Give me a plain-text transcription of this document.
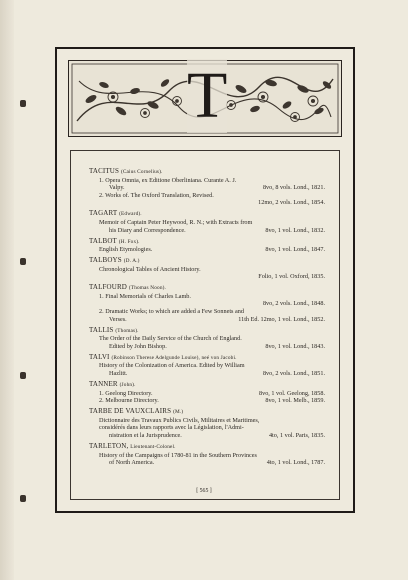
T
TACITUS (Caius Cornelius).
1. Opera Omnia, ex Editione Oberliniana. Curante A. J.
Valpy.	8vo, 8 vols. Lond., 1821.
2. Works of. The Oxford Translation, Revised.
12mo, 2 vols. Lond., 1854.
TAGART (Edward).
Memoir of Captain Peter Heywood, R. N.; with Extracts from
his Diary and Correspondence.	8vo, 1 vol. Lond., 1832.
TALBOT (H. Fox).
English Etymologies.	8vo, 1 vol. Lond., 1847.
TALBOYS (D. A.)
Chronological Tables of Ancient History.
Folio, 1 vol. Oxford, 1835.
TALFOURD (Thomas Noon).
1. Final Memorials of Charles Lamb.
8vo, 2 vols. Lond., 1848.
2. Dramatic Works; to which are added a Few Sonnets and
Verses.	11th Ed. 12mo, 1 vol. Lond., 1852.
TALLIS (Thomas).
The Order of the Daily Service of the Church of England.
Edited by John Bishop.	8vo, 1 vol. Lond., 1843.
TALVI (Robinson Therese Adelgunde Louise), neé von Jacobi.
History of the Colonization of America. Edited by William
Hazlitt.	8vo, 2 vols. Lond., 1851.
TANNER (John).
1. Geelong Directory.	8vo, 1 vol. Geelong, 1858.
2. Melbourne Directory.	8vo, 1 vol. Melb., 1859.
TARBE DE VAUXCLAIRS (M.)
Dictionnaire des Travaux Publics Civils, Militaires et Maritimes,
considérés dans leurs rapports avec la Législation, l'Admi-
nistration et la Jurisprudence.	4to, 1 vol. Paris, 1835.
TARLETON, Lieutenant-Colonel.
History of the Campaigns of 1780-81 in the Southern Provinces
of North America.	4to, 1 vol. Lond., 1787.
[ 565 ]
